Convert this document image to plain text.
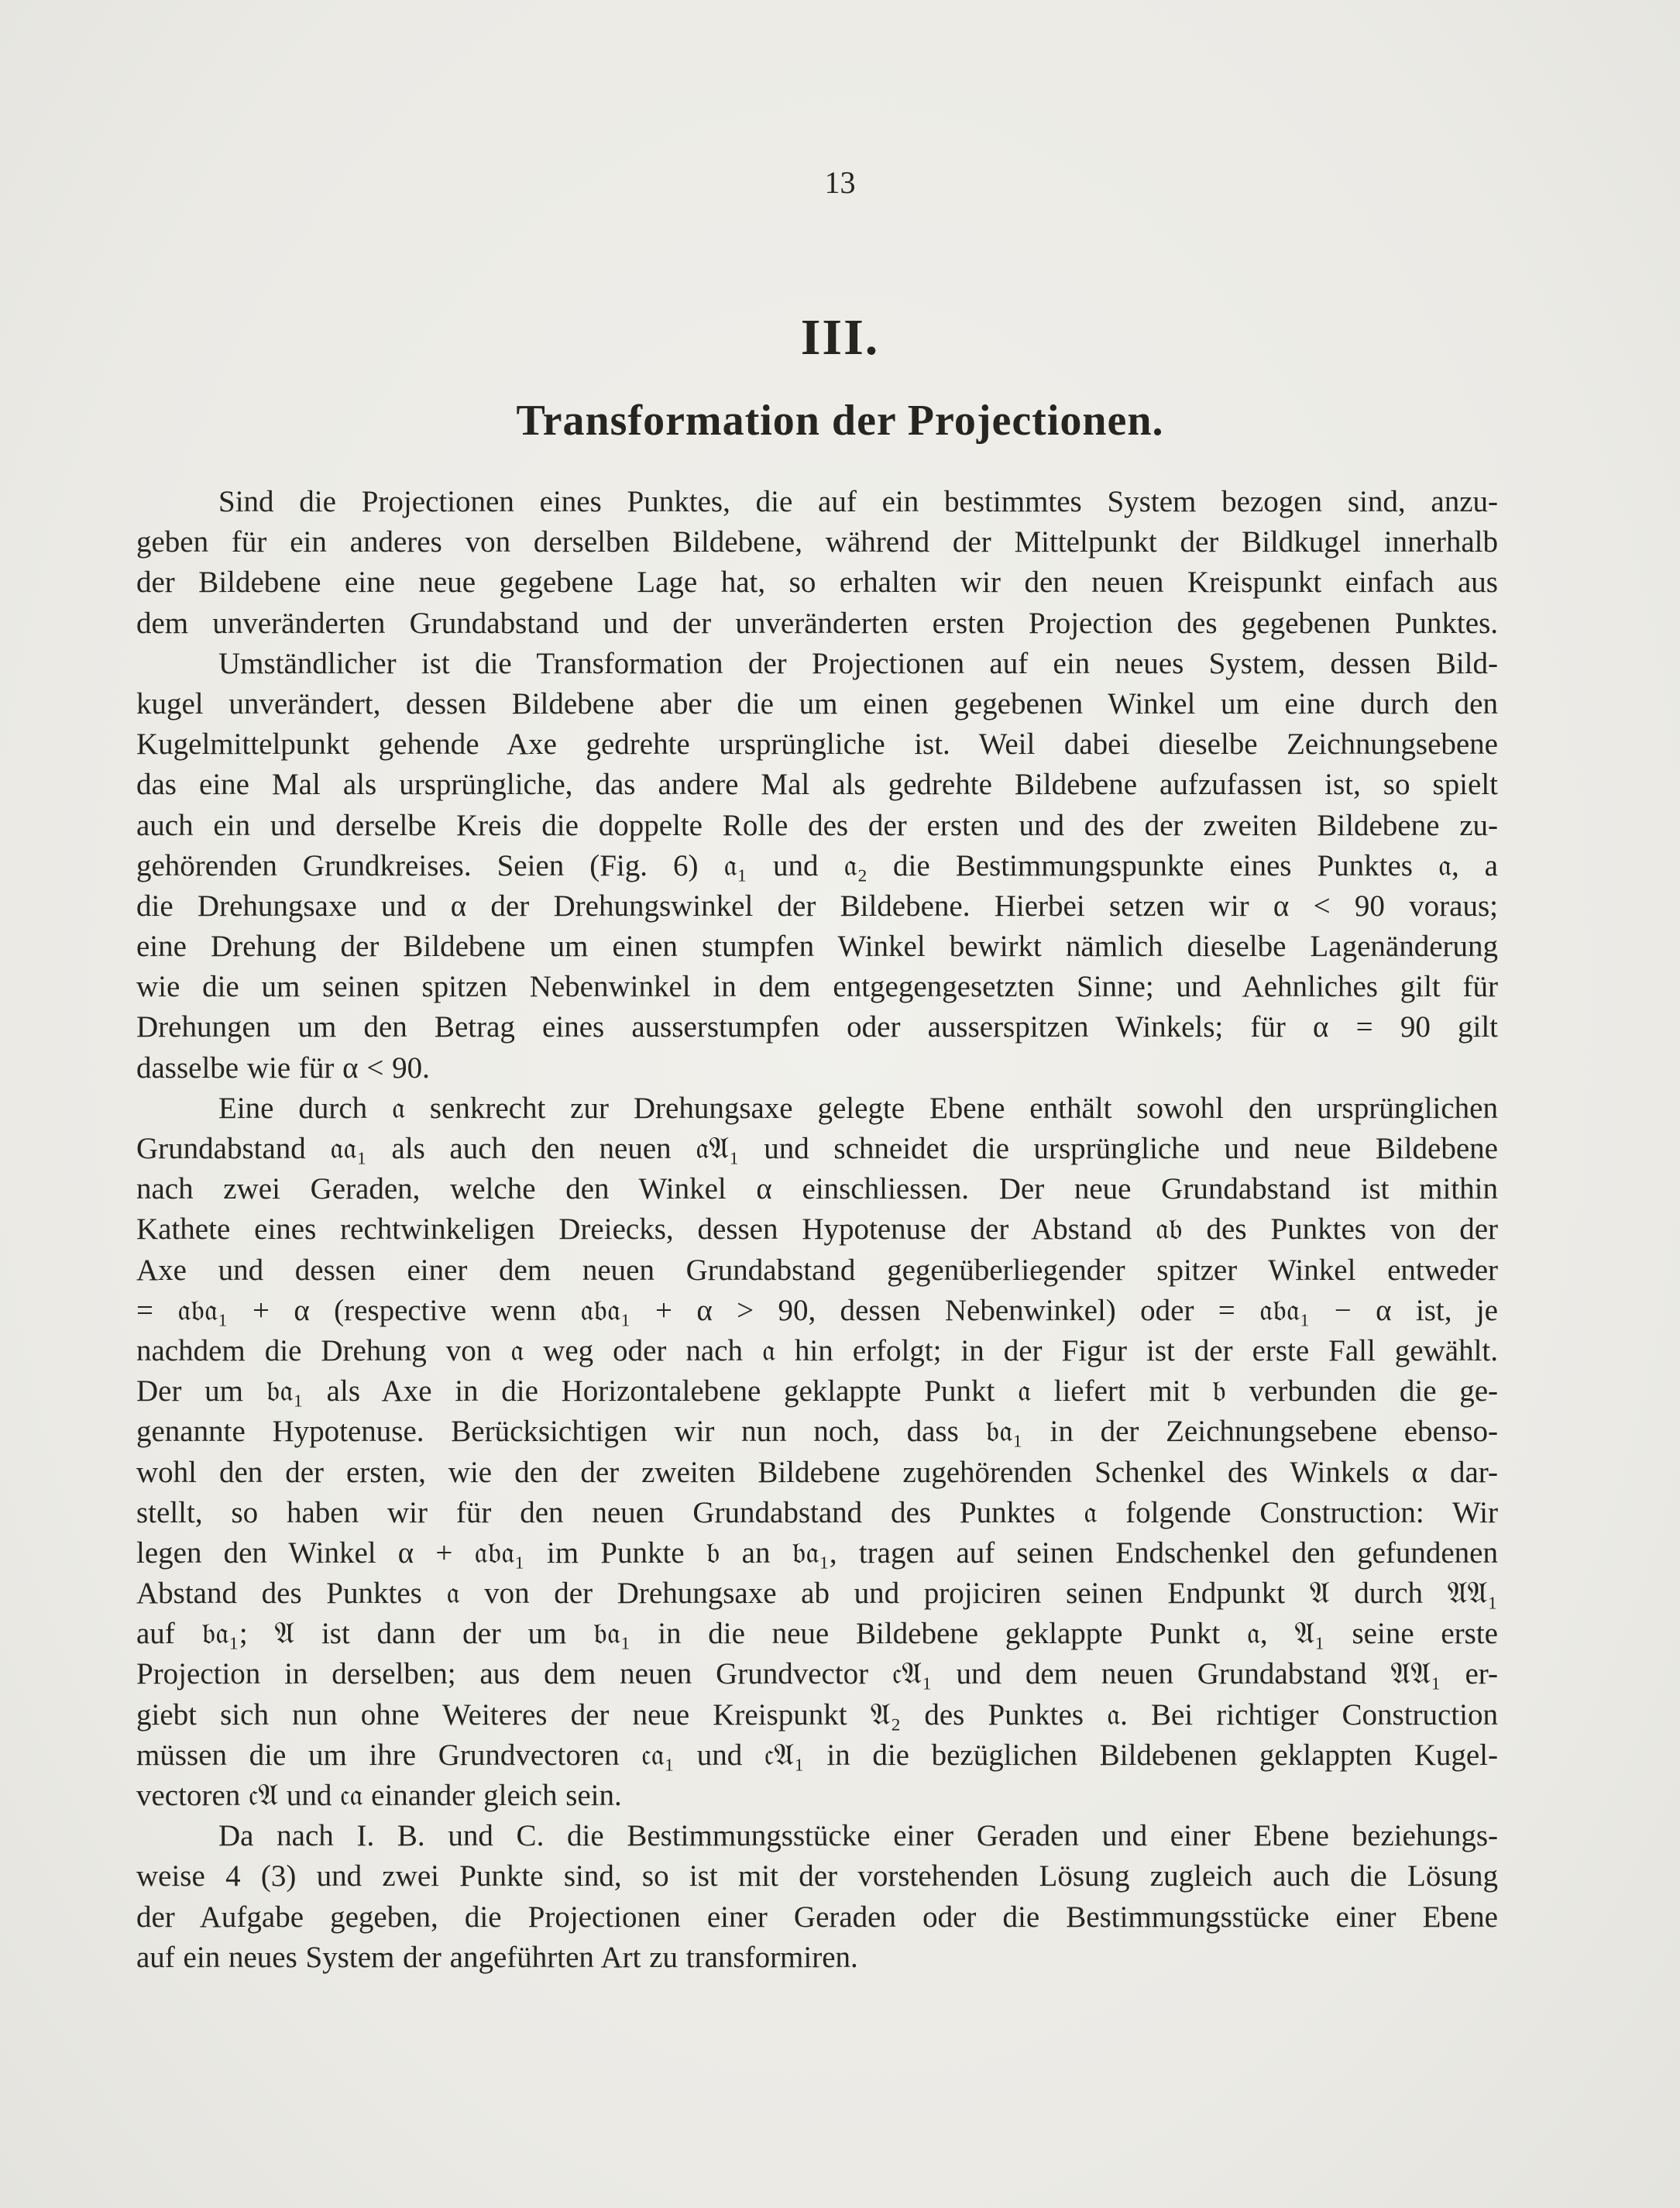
13
III.
Transformation der Projectionen.
Sind die Projectionen eines Punktes, die auf ein bestimmtes System bezogen sind, anzu-
geben für ein anderes von derselben Bildebene, während der Mittelpunkt der Bildkugel innerhalb
der Bildebene eine neue gegebene Lage hat, so erhalten wir den neuen Kreispunkt einfach aus
dem unveränderten Grundabstand und der unveränderten ersten Projection des gegebenen Punktes.
Umständlicher ist die Transformation der Projectionen auf ein neues System, dessen Bild-
kugel unverändert, dessen Bildebene aber die um einen gegebenen Winkel um eine durch den
Kugelmittelpunkt gehende Axe gedrehte ursprüngliche ist. Weil dabei dieselbe Zeichnungsebene
das eine Mal als ursprüngliche, das andere Mal als gedrehte Bildebene aufzufassen ist, so spielt
auch ein und derselbe Kreis die doppelte Rolle des der ersten und des der zweiten Bildebene zu-
gehörenden Grundkreises. Seien (Fig. 6) 𝔞₁ und 𝔞₂ die Bestimmungspunkte eines Punktes 𝔞, a
die Drehungsaxe und α der Drehungswinkel der Bildebene. Hierbei setzen wir α < 90 voraus;
eine Drehung der Bildebene um einen stumpfen Winkel bewirkt nämlich dieselbe Lagenänderung
wie die um seinen spitzen Nebenwinkel in dem entgegengesetzten Sinne; und Aehnliches gilt für
Drehungen um den Betrag eines ausserstumpfen oder ausserspitzen Winkels; für α = 90 gilt
dasselbe wie für α < 90.
Eine durch 𝔞 senkrecht zur Drehungsaxe gelegte Ebene enthält sowohl den ursprünglichen
Grundabstand 𝔞𝔞₁ als auch den neuen 𝔞𝔄₁ und schneidet die ursprüngliche und neue Bildebene
nach zwei Geraden, welche den Winkel α einschliessen. Der neue Grundabstand ist mithin
Kathete eines rechtwinkeligen Dreiecks, dessen Hypotenuse der Abstand 𝔞𝔟 des Punktes von der
Axe und dessen einer dem neuen Grundabstand gegenüberliegender spitzer Winkel entweder
= 𝔞𝔟𝔞₁ + α (respective wenn 𝔞𝔟𝔞₁ + α > 90, dessen Nebenwinkel) oder = 𝔞𝔟𝔞₁ − α ist, je
nachdem die Drehung von 𝔞 weg oder nach 𝔞 hin erfolgt; in der Figur ist der erste Fall gewählt.
Der um 𝔟𝔞₁ als Axe in die Horizontalebene geklappte Punkt 𝔞 liefert mit 𝔟 verbunden die ge-
genannte Hypotenuse. Berücksichtigen wir nun noch, dass 𝔟𝔞₁ in der Zeichnungsebene ebenso-
wohl den der ersten, wie den der zweiten Bildebene zugehörenden Schenkel des Winkels α dar-
stellt, so haben wir für den neuen Grundabstand des Punktes 𝔞 folgende Construction: Wir
legen den Winkel α + 𝔞𝔟𝔞₁ im Punkte 𝔟 an 𝔟𝔞₁, tragen auf seinen Endschenkel den gefundenen
Abstand des Punktes 𝔞 von der Drehungsaxe ab und projiciren seinen Endpunkt 𝔄 durch 𝔄𝔄₁
auf 𝔟𝔞₁; 𝔄 ist dann der um 𝔟𝔞₁ in die neue Bildebene geklappte Punkt 𝔞, 𝔄₁ seine erste
Projection in derselben; aus dem neuen Grundvector 𝔠𝔄₁ und dem neuen Grundabstand 𝔄𝔄₁ er-
giebt sich nun ohne Weiteres der neue Kreispunkt 𝔄₂ des Punktes 𝔞. Bei richtiger Construction
müssen die um ihre Grundvectoren 𝔠𝔞₁ und 𝔠𝔄₁ in die bezüglichen Bildebenen geklappten Kugel-
vectoren 𝔠𝔄 und 𝔠𝔞 einander gleich sein.
Da nach I. B. und C. die Bestimmungsstücke einer Geraden und einer Ebene beziehungs-
weise 4 (3) und zwei Punkte sind, so ist mit der vorstehenden Lösung zugleich auch die Lösung
der Aufgabe gegeben, die Projectionen einer Geraden oder die Bestimmungsstücke einer Ebene
auf ein neues System der angeführten Art zu transformiren.
